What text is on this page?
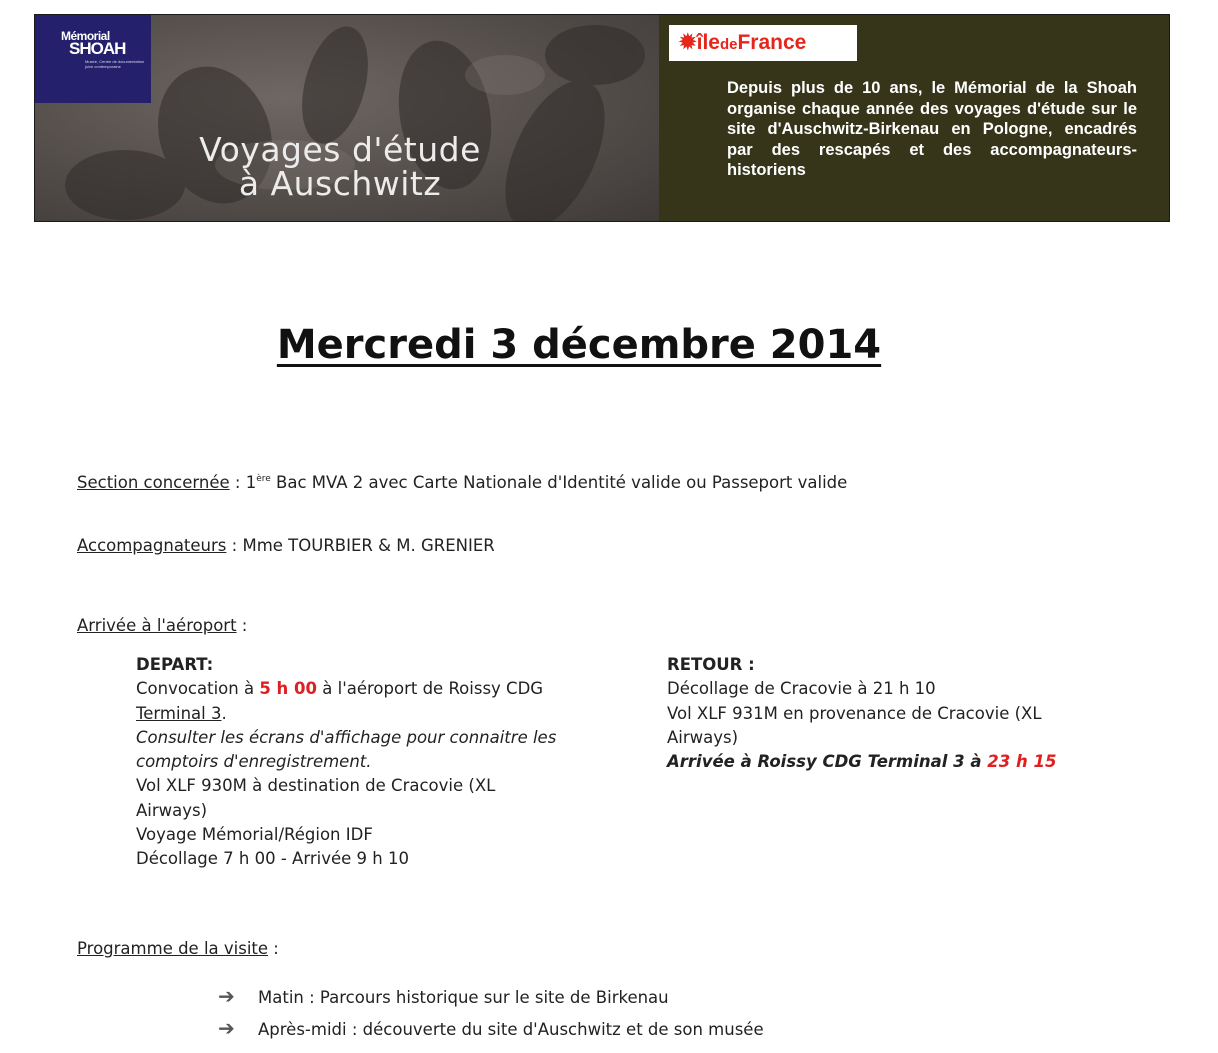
Mémorial
SHOAH
Musée, Centre de documentation juive contemporaine
Voyages d'étude
à Auschwitz
✹îledeFrance
Depuis plus de 10 ans, le Mémorial de la Shoah organise chaque année des voyages d'étude sur le site d'Auschwitz-Birkenau en Pologne, encadrés par des rescapés et des accompagnateurs-historiens
Mercredi 3 décembre 2014
Section concernée : 1ère Bac MVA 2 avec Carte Nationale d'Identité valide ou Passeport valide
Accompagnateurs : Mme TOURBIER & M. GRENIER
Arrivée à l'aéroport :
DEPART:
Convocation à 5 h 00 à l'aéroport de Roissy CDG
Terminal 3.
Consulter les écrans d'affichage pour connaitre les comptoirs d'enregistrement.
Vol XLF 930M à destination de Cracovie (XL Airways)
Voyage Mémorial/Région IDF
Décollage 7 h 00 - Arrivée 9 h 10
RETOUR :
Décollage de Cracovie à 21 h 10
Vol XLF 931M en provenance de Cracovie (XL Airways)
Arrivée à Roissy CDG Terminal 3 à 23 h 15
Programme de la visite :
➔ Matin : Parcours historique sur le site de Birkenau
➔ Après-midi : découverte du site d'Auschwitz et de son musée
